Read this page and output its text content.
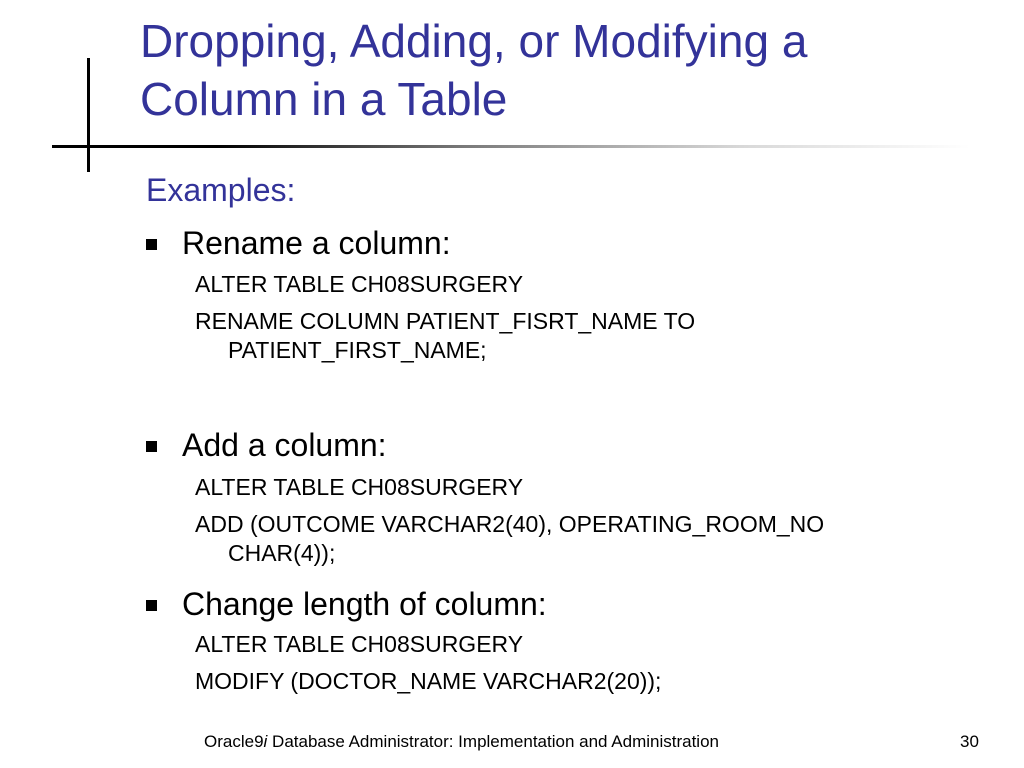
Dropping, Adding, or Modifying a
Column in a Table
Examples:
Rename a column:
ALTER TABLE CH08SURGERY
RENAME COLUMN PATIENT_FISRT_NAME TO
PATIENT_FIRST_NAME;
Add a column:
ALTER TABLE CH08SURGERY
ADD (OUTCOME VARCHAR2(40), OPERATING_ROOM_NO
CHAR(4));
Change length of column:
ALTER TABLE CH08SURGERY
MODIFY (DOCTOR_NAME VARCHAR2(20));
Oracle9i Database Administrator: Implementation and Administration	30
